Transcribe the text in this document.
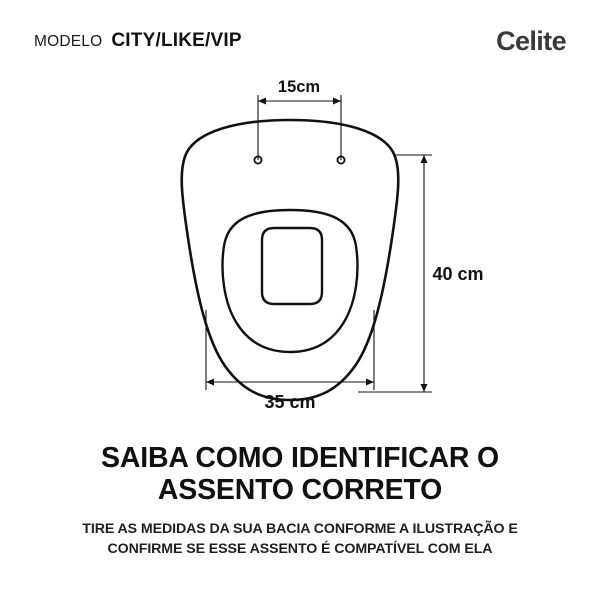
MODELO CITY/LIKE/VIP	Celite
15cm
40 cm
35 cm
SAIBA COMO IDENTIFICAR O
ASSENTO CORRETO
TIRE AS MEDIDAS DA SUA BACIA CONFORME A ILUSTRAÇÃO E
CONFIRME SE ESSE ASSENTO É COMPATÍVEL COM ELA
